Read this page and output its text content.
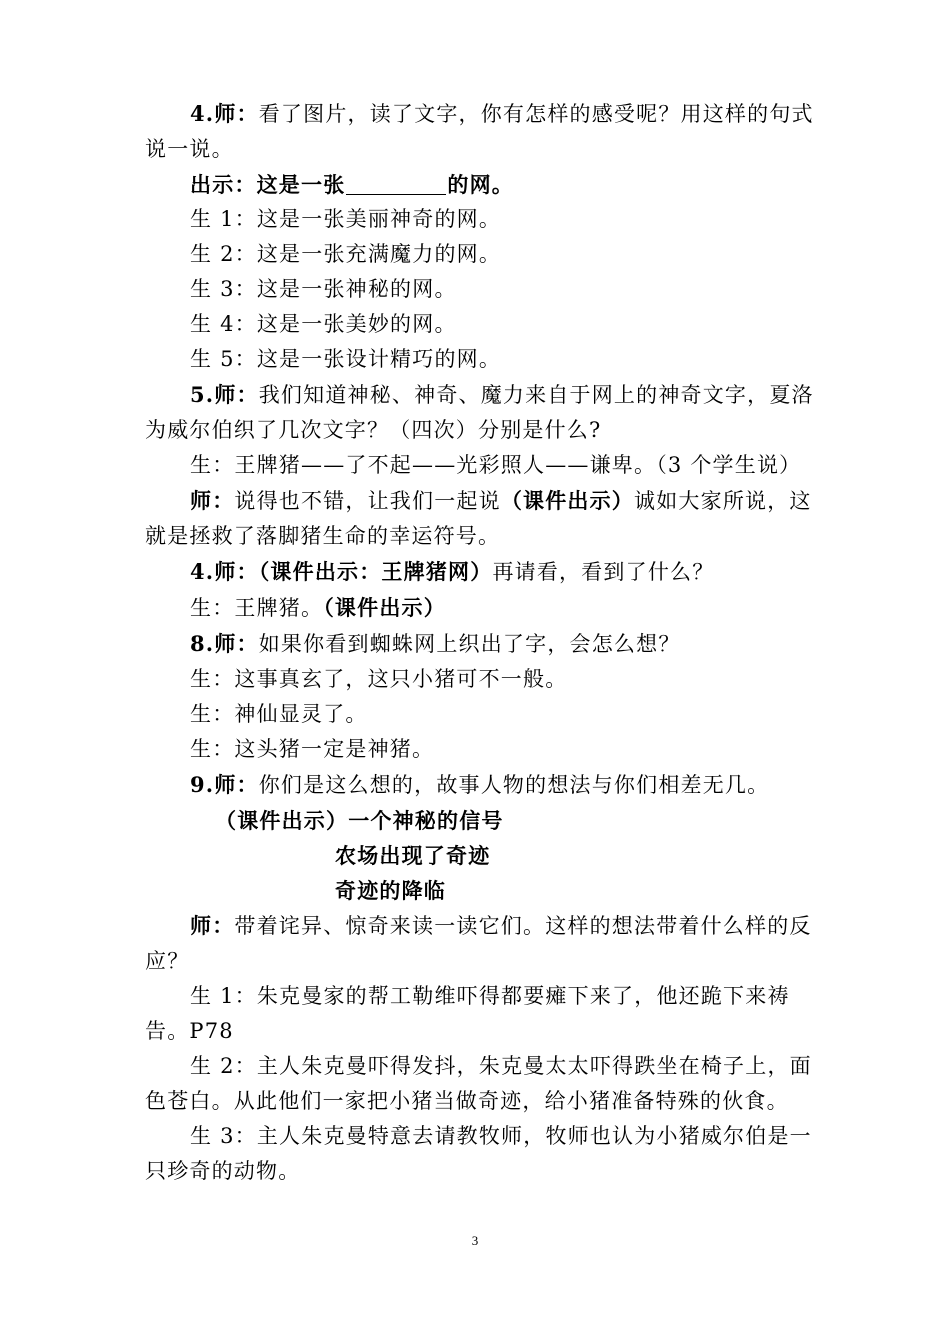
4.师：看了图片，读了文字，你有怎样的感受呢？用这样的句式说一说。

出示：这是一张	的网。

生 1：这是一张美丽神奇的网。

生 2：这是一张充满魔力的网。

生 3：这是一张神秘的网。

生 4：这是一张美妙的网。

生 5：这是一张设计精巧的网。

5.师：我们知道神秘、神奇、魔力来自于网上的神奇文字，夏洛为威尔伯织了几次文字？（四次）分别是什么?

生：王牌猪——了不起——光彩照人——谦卑。（3 个学生说）

师：说得也不错，让我们一起说（课件出示）诚如大家所说，这就是拯救了落脚猪生命的幸运符号。

4.师：（课件出示：王牌猪网）再请看，看到了什么？

生：王牌猪。（课件出示）

8.师：如果你看到蜘蛛网上织出了字，会怎么想？

生：这事真玄了，这只小猪可不一般。

生：神仙显灵了。

生：这头猪一定是神猪。

9.师：你们是这么想的，故事人物的想法与你们相差无几。

（课件出示）一个神秘的信号

农场出现了奇迹

奇迹的降临

师：带着诧异、惊奇来读一读它们。这样的想法带着什么样的反应？

生 1：朱克曼家的帮工勒维吓得都要瘫下来了，他还跪下来祷告。P78

生 2：主人朱克曼吓得发抖，朱克曼太太吓得跌坐在椅子上，面色苍白。从此他们一家把小猪当做奇迹，给小猪准备特殊的伙食。

生 3：主人朱克曼特意去请教牧师，牧师也认为小猪威尔伯是一只珍奇的动物。

3
